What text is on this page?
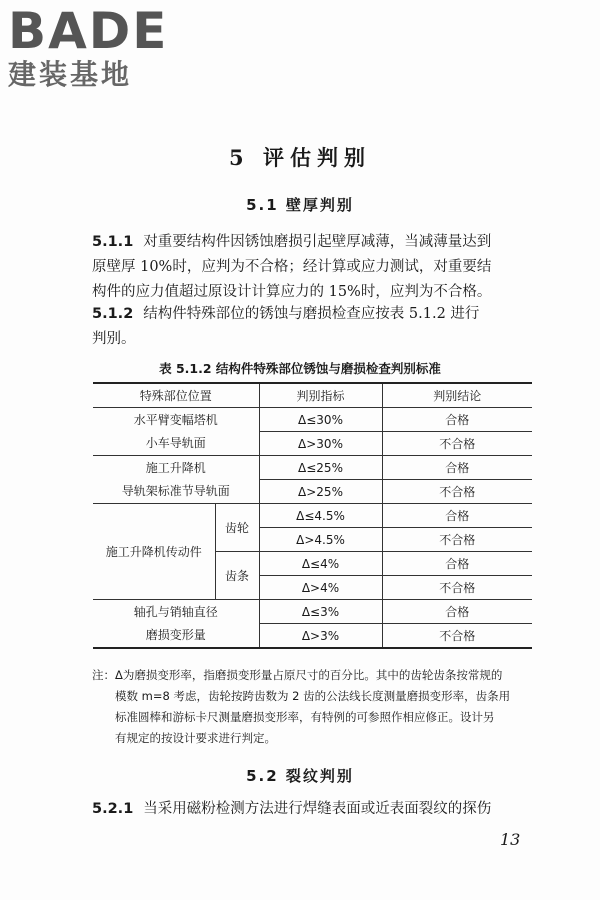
BADE
建装基地
5 评估判别
5.1 壁厚判别
5.1.1 对重要结构件因锈蚀磨损引起壁厚减薄，当减薄量达到
原壁厚 10%时，应判为不合格；经计算或应力测试，对重要结
构件的应力值超过原设计计算应力的 15%时，应判为不合格。
5.1.2 结构件特殊部位的锈蚀与磨损检查应按表 5.1.2 进行
判别。
表 5.1.2 结构件特殊部位锈蚀与磨损检查判别标准
特殊部位位置		判别指标	判别结论

水平臂变幅塔机
小车导轨面		Δ≤30%	合格
		Δ>30%	不合格

施工升降机
导轨架标准节导轨面		Δ≤25%	合格
		Δ>25%	不合格
施工升降机传动件	齿轮	Δ≤4.5%	合格
		Δ>4.5%	不合格
	齿条	Δ≤4%	合格
		Δ>4%	不合格

轴孔与销轴直径
磨损变形量		Δ≤3%	合格
		Δ>3%	不合格
注：Δ为磨损变形率，指磨损变形量占原尺寸的百分比。其中的齿轮齿条按常规的
模数 m=8 考虑，齿轮按跨齿数为 2 齿的公法线长度测量磨损变形率，齿条用
标准圆棒和游标卡尺测量磨损变形率，有特例的可参照作相应修正。设计另
有规定的按设计要求进行判定。
5.2 裂纹判别
5.2.1 当采用磁粉检测方法进行焊缝表面或近表面裂纹的探伤
13
